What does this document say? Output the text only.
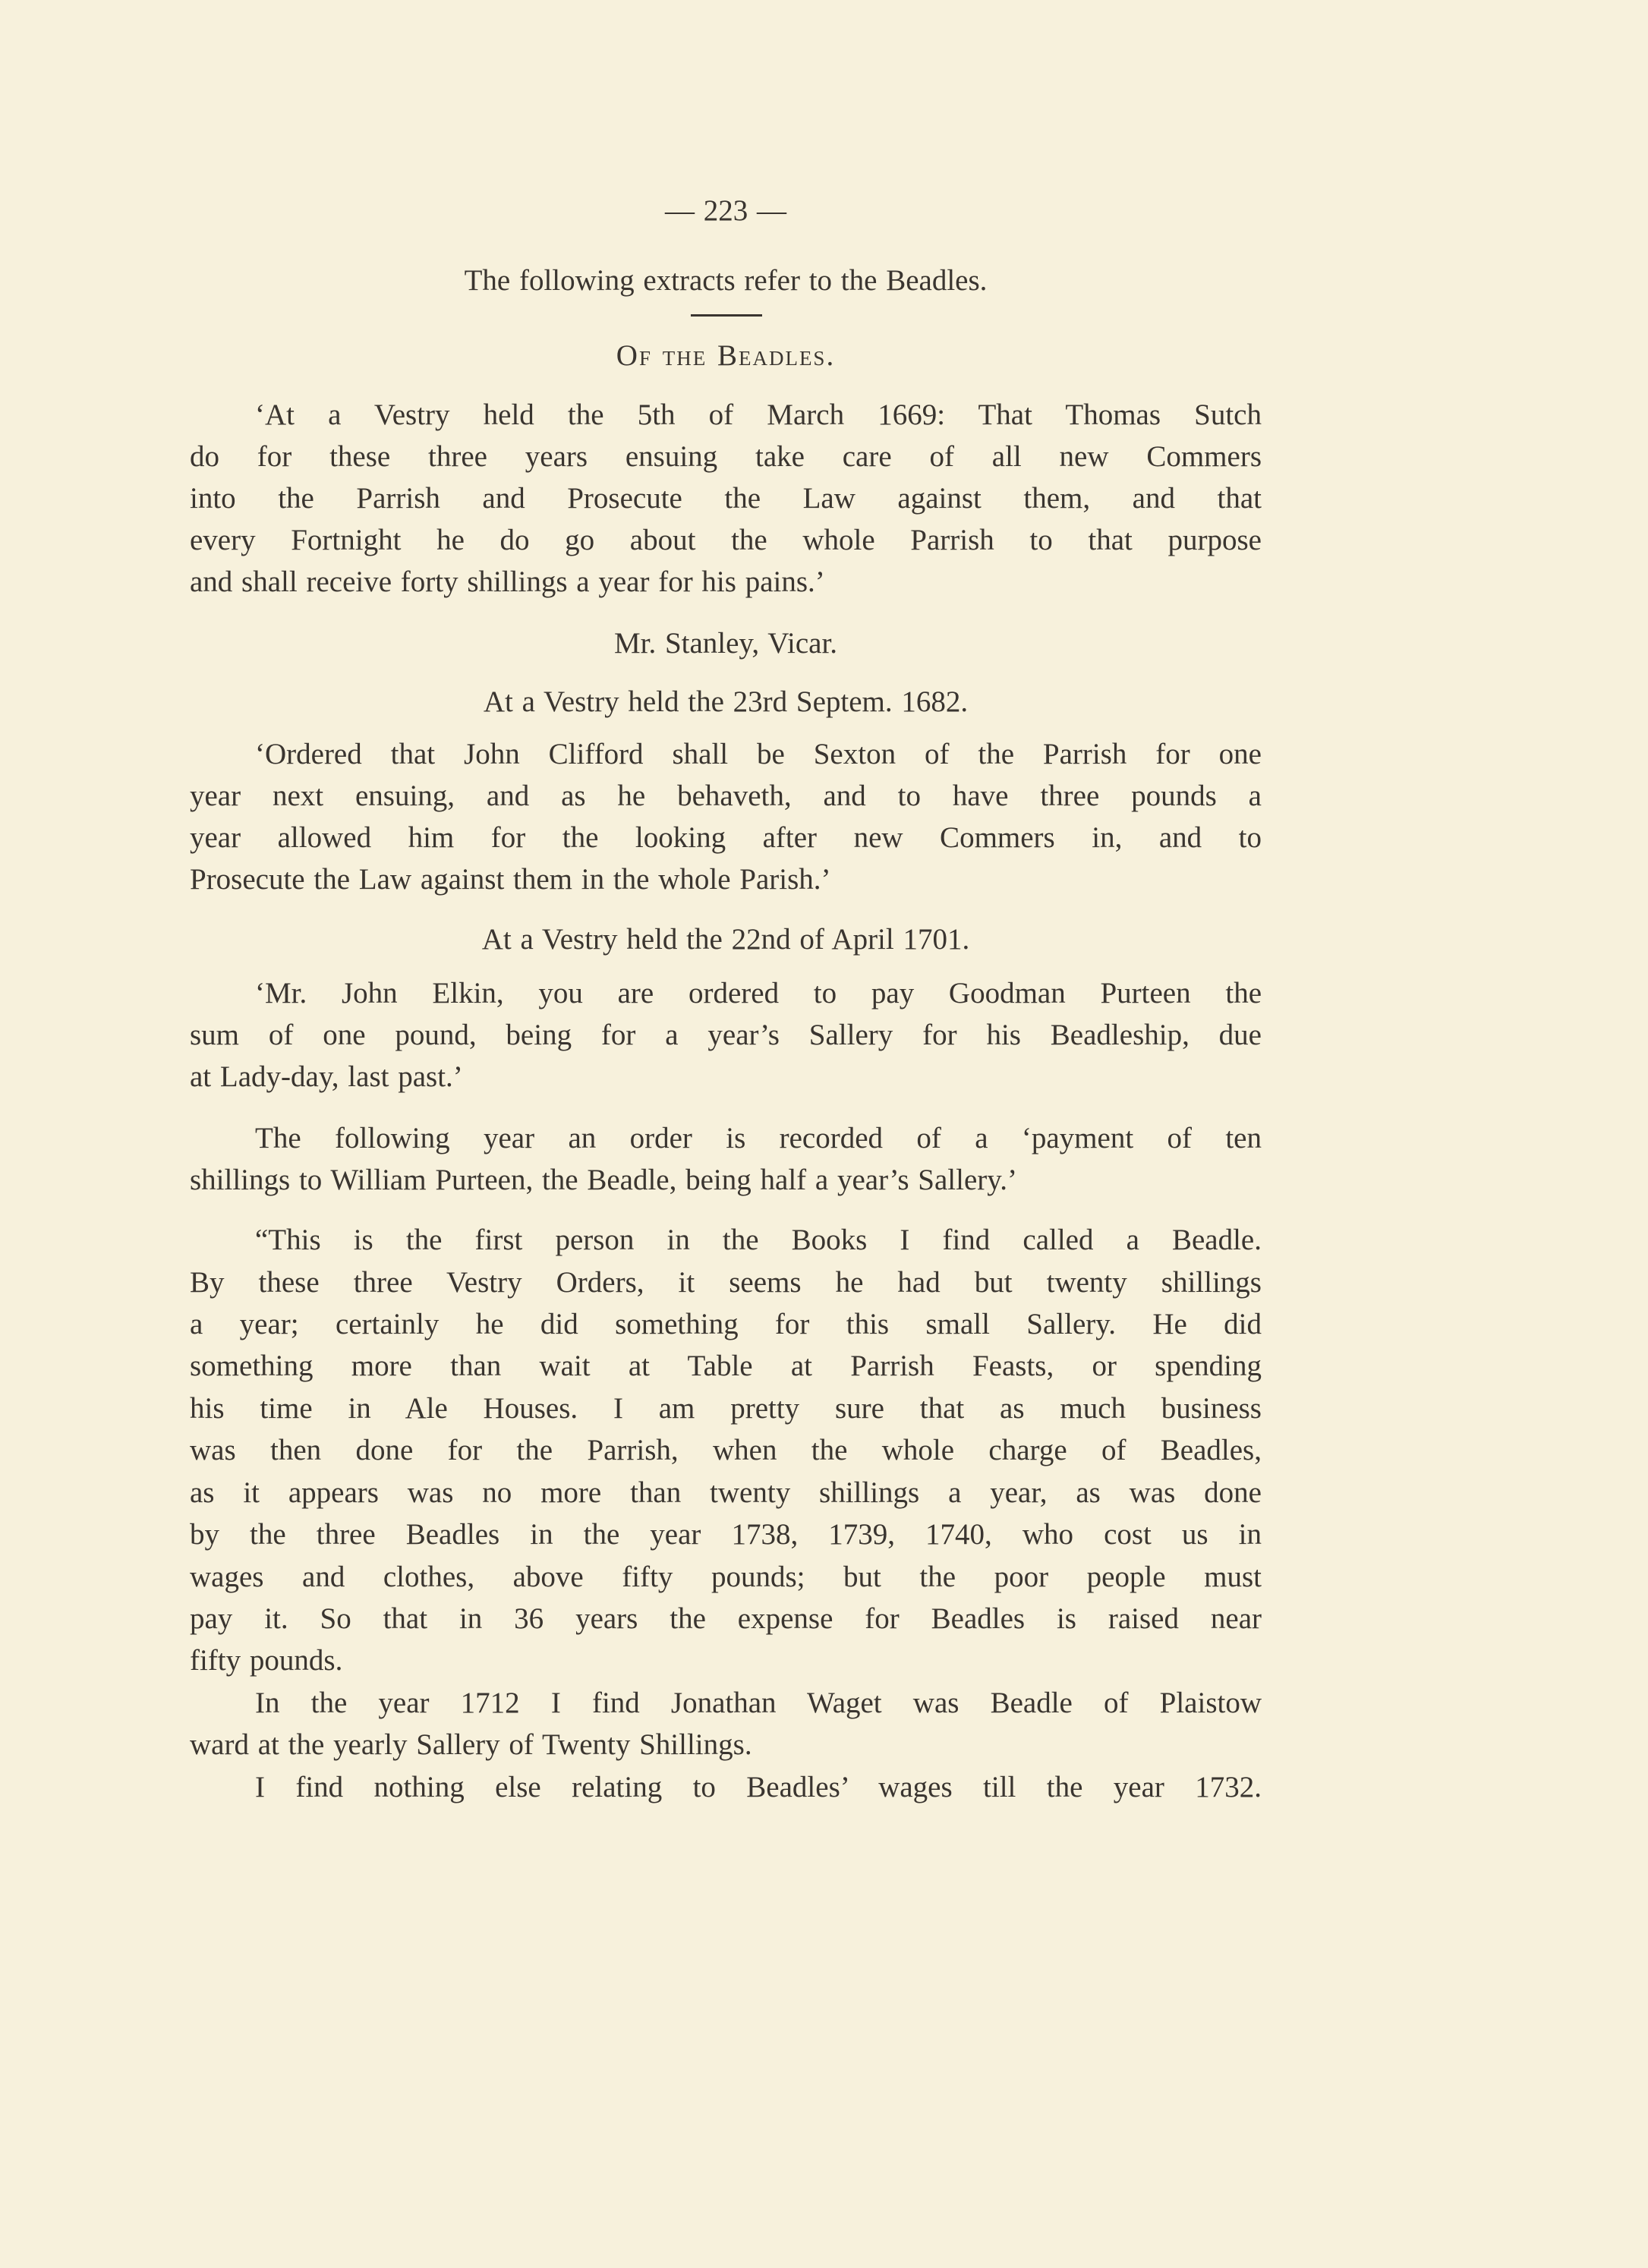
— 223 —

The following extracts refer to the Beadles.

Of the Beadles.

‘At a Vestry held the 5th of March 1669: That Thomas Sutch

do for these three years ensuing take care of all new Commers

into the Parrish and Prosecute the Law against them, and that

every Fortnight he do go about the whole Parrish to that purpose

and shall receive forty shillings a year for his pains.’

Mr. Stanley, Vicar.

At a Vestry held the 23rd Septem. 1682.

‘Ordered that John Clifford shall be Sexton of the Parrish for one

year next ensuing, and as he behaveth, and to have three pounds a

year allowed him for the looking after new Commers in, and to

Prosecute the Law against them in the whole Parish.’

At a Vestry held the 22nd of April 1701.

‘Mr. John Elkin, you are ordered to pay Goodman Purteen the

sum of one pound, being for a year’s Sallery for his Beadleship, due

at Lady-day, last past.’

The following year an order is recorded of a ‘payment of ten

shillings to William Purteen, the Beadle, being half a year’s Sallery.’

“This is the first person in the Books I find called a Beadle.

By these three Vestry Orders, it seems he had but twenty shillings

a year; certainly he did something for this small Sallery. He did

something more than wait at Table at Parrish Feasts, or spending

his time in Ale Houses. I am pretty sure that as much business

was then done for the Parrish, when the whole charge of Beadles,

as it appears was no more than twenty shillings a year, as was done

by the three Beadles in the year 1738, 1739, 1740, who cost us in

wages and clothes, above fifty pounds; but the poor people must

pay it. So that in 36 years the expense for Beadles is raised near

fifty pounds.

In the year 1712 I find Jonathan Waget was Beadle of Plaistow

ward at the yearly Sallery of Twenty Shillings.

I find nothing else relating to Beadles’ wages till the year 1732.
